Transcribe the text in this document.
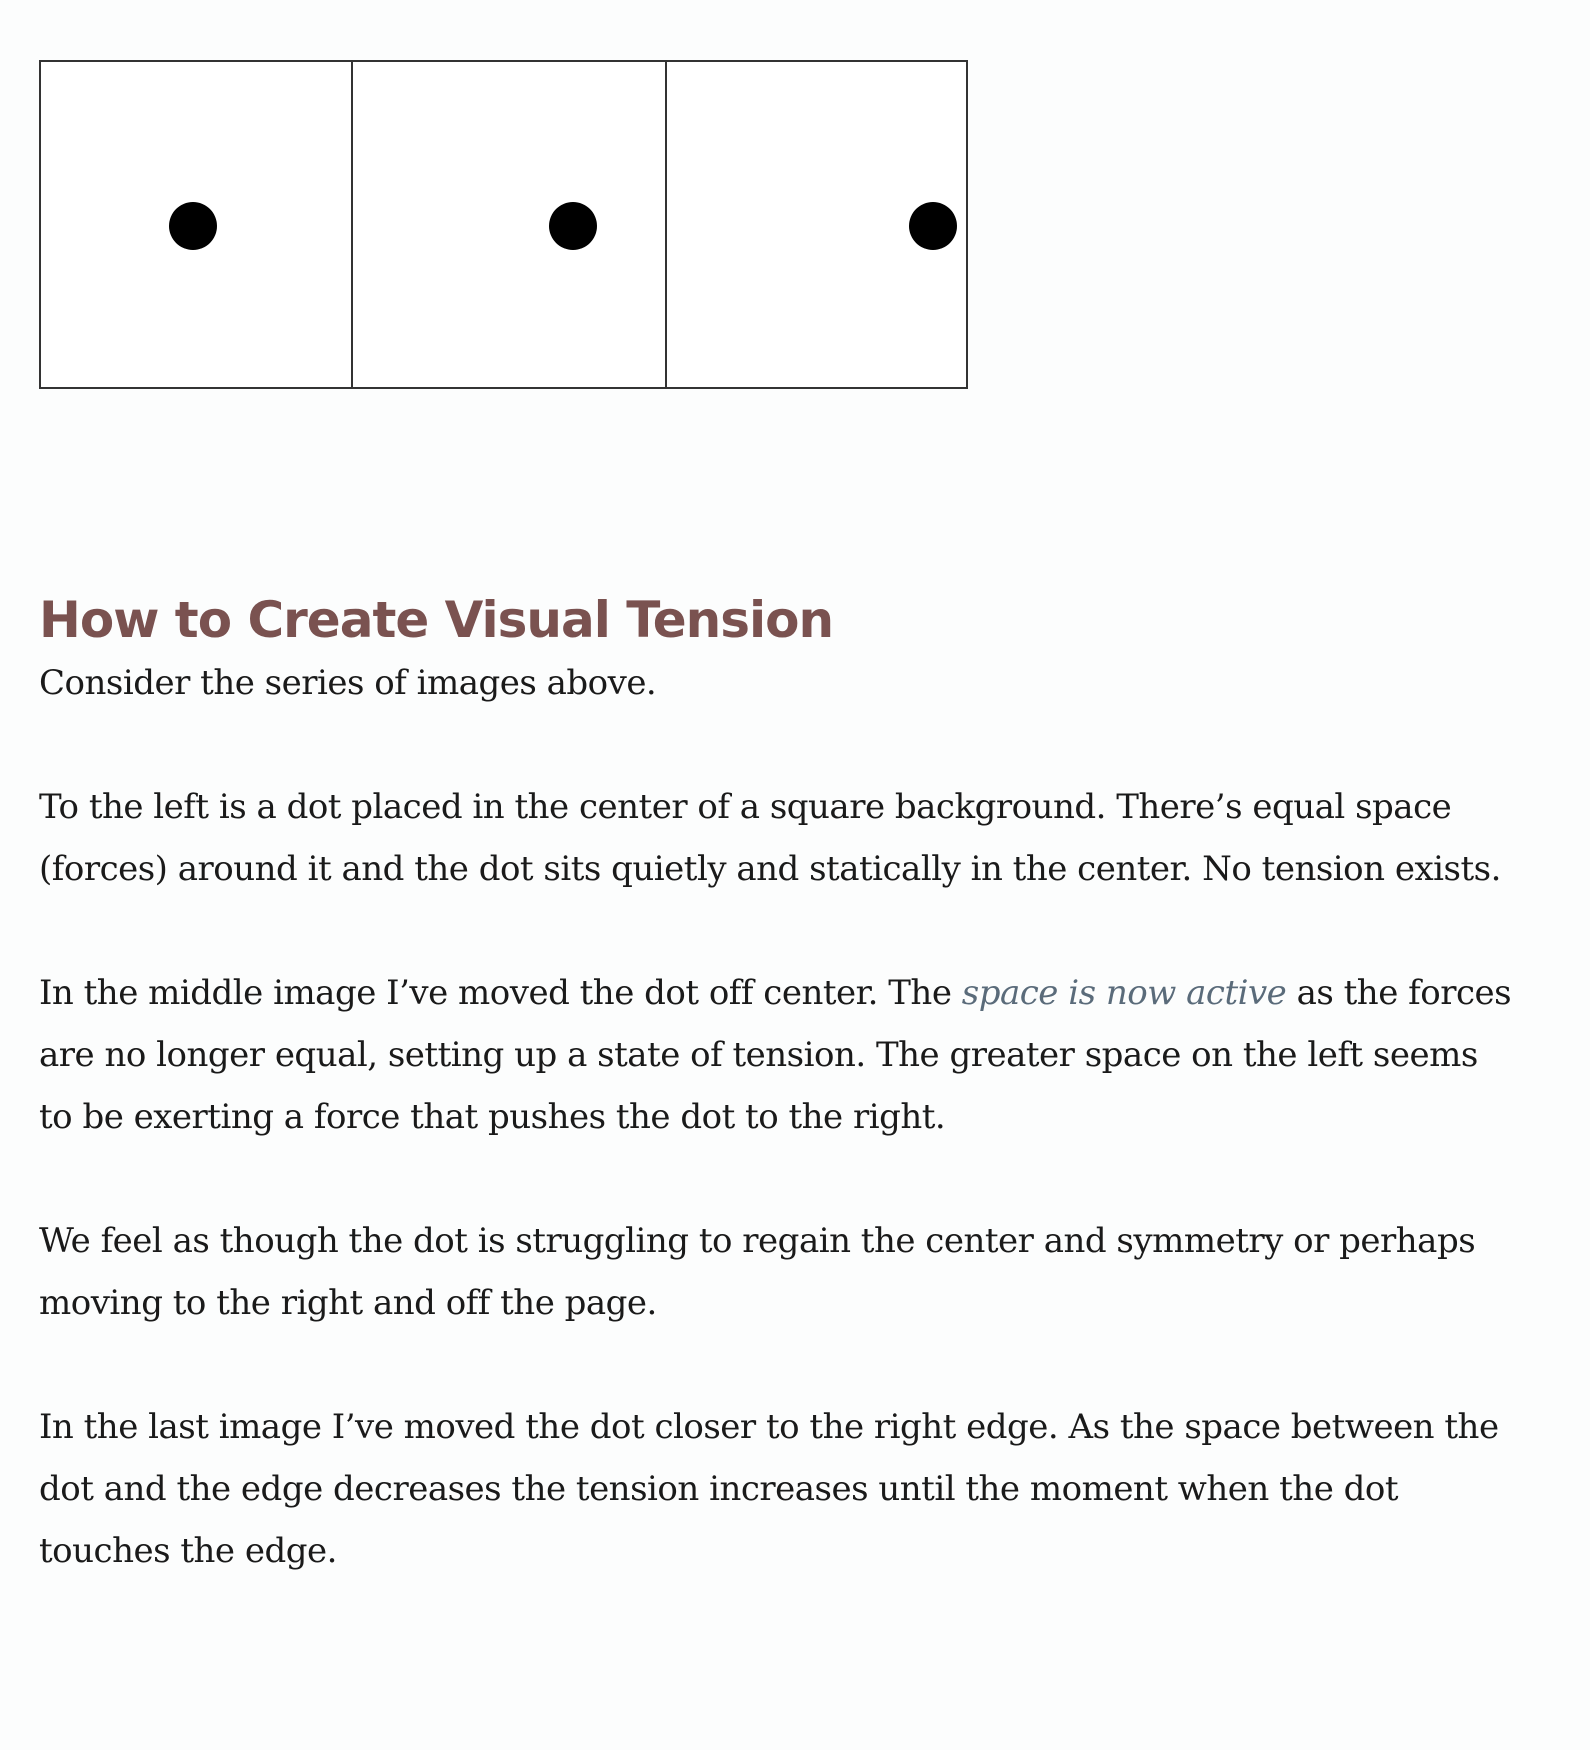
How to Create Visual Tension

Consider the series of images above.

To the left is a dot placed in the center of a square background. There’s equal space (forces) around it and the dot sits quietly and statically in the center. No tension exists.

In the middle image I’ve moved the dot off center. The space is now active as the forces are no longer equal, setting up a state of tension. The greater space on the left seems to be exerting a force that pushes the dot to the right.

We feel as though the dot is struggling to regain the center and symmetry or perhaps moving to the right and off the page.

In the last image I’ve moved the dot closer to the right edge. As the space between the dot and the edge decreases the tension increases until the moment when the dot touches the edge.
